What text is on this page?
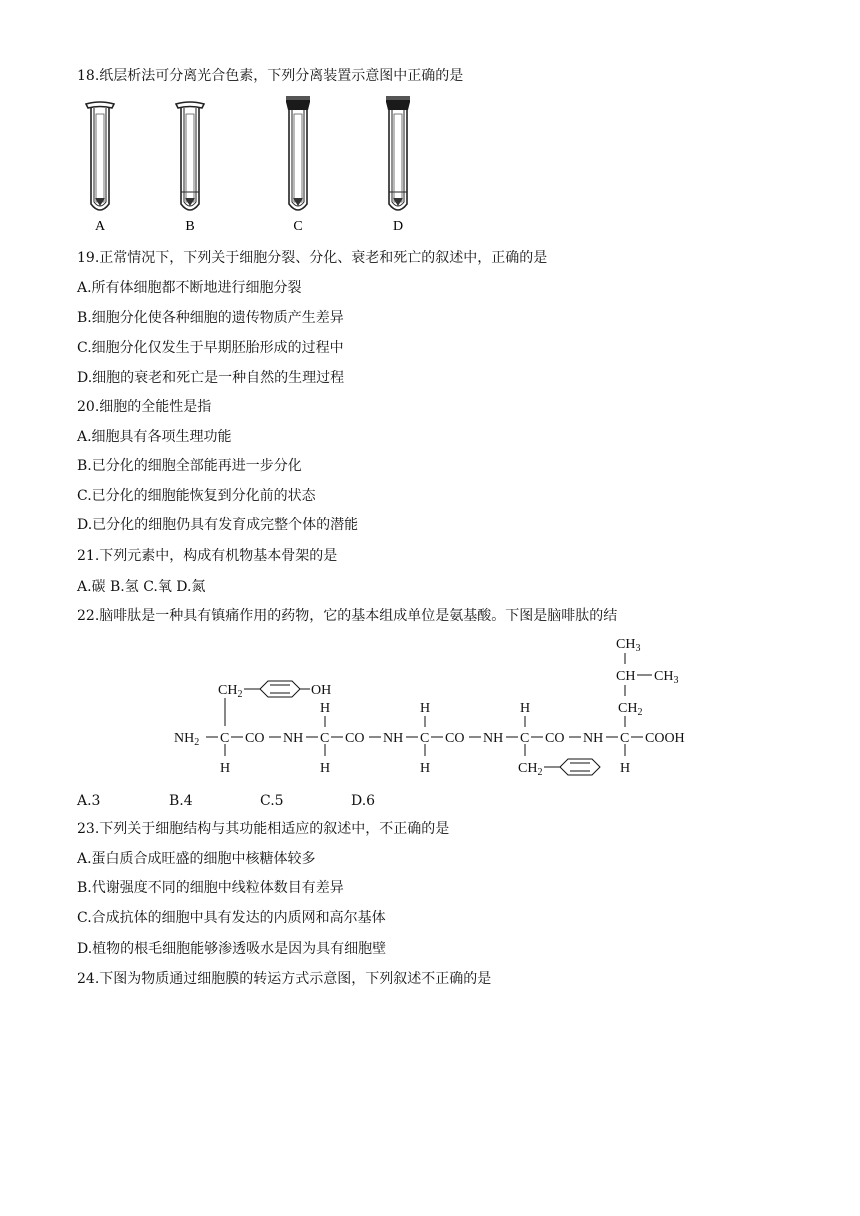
18.纸层析法可分离光合色素，下列分离装置示意图中正确的是
A	B	C	D
19.正常情况下，下列关于细胞分裂、分化、衰老和死亡的叙述中，正确的是
A.所有体细胞都不断地进行细胞分裂
B.细胞分化使各种细胞的遗传物质产生差异
C.细胞分化仅发生于早期胚胎形成的过程中
D.细胞的衰老和死亡是一种自然的生理过程
20.细胞的全能性是指
A.细胞具有各项生理功能
B.已分化的细胞全部能再进一步分化
C.已分化的细胞能恢复到分化前的状态
D.已分化的细胞仍具有发育成完整个体的潜能
21.下列元素中，构成有机物基本骨架的是
A.碳 B.氢 C.氧 D.氮
22.脑啡肽是一种具有镇痛作用的药物，它的基本组成单位是氨基酸。下图是脑啡肽的结
$NH_2$ C CO NH C CO NH C CO NH C CO NH C COOH
$CH_2$	OH
H
H
H
H
H
H
$CH_2$
$CH_3$
CH $CH_3$
$CH_2$
H
A.3	B.4	C.5	D.6
23.下列关于细胞结构与其功能相适应的叙述中，不正确的是
A.蛋白质合成旺盛的细胞中核糖体较多
B.代谢强度不同的细胞中线粒体数目有差异
C.合成抗体的细胞中具有发达的内质网和高尔基体
D.植物的根毛细胞能够渗透吸水是因为具有细胞壁
24.下图为物质通过细胞膜的转运方式示意图，下列叙述不正确的是
